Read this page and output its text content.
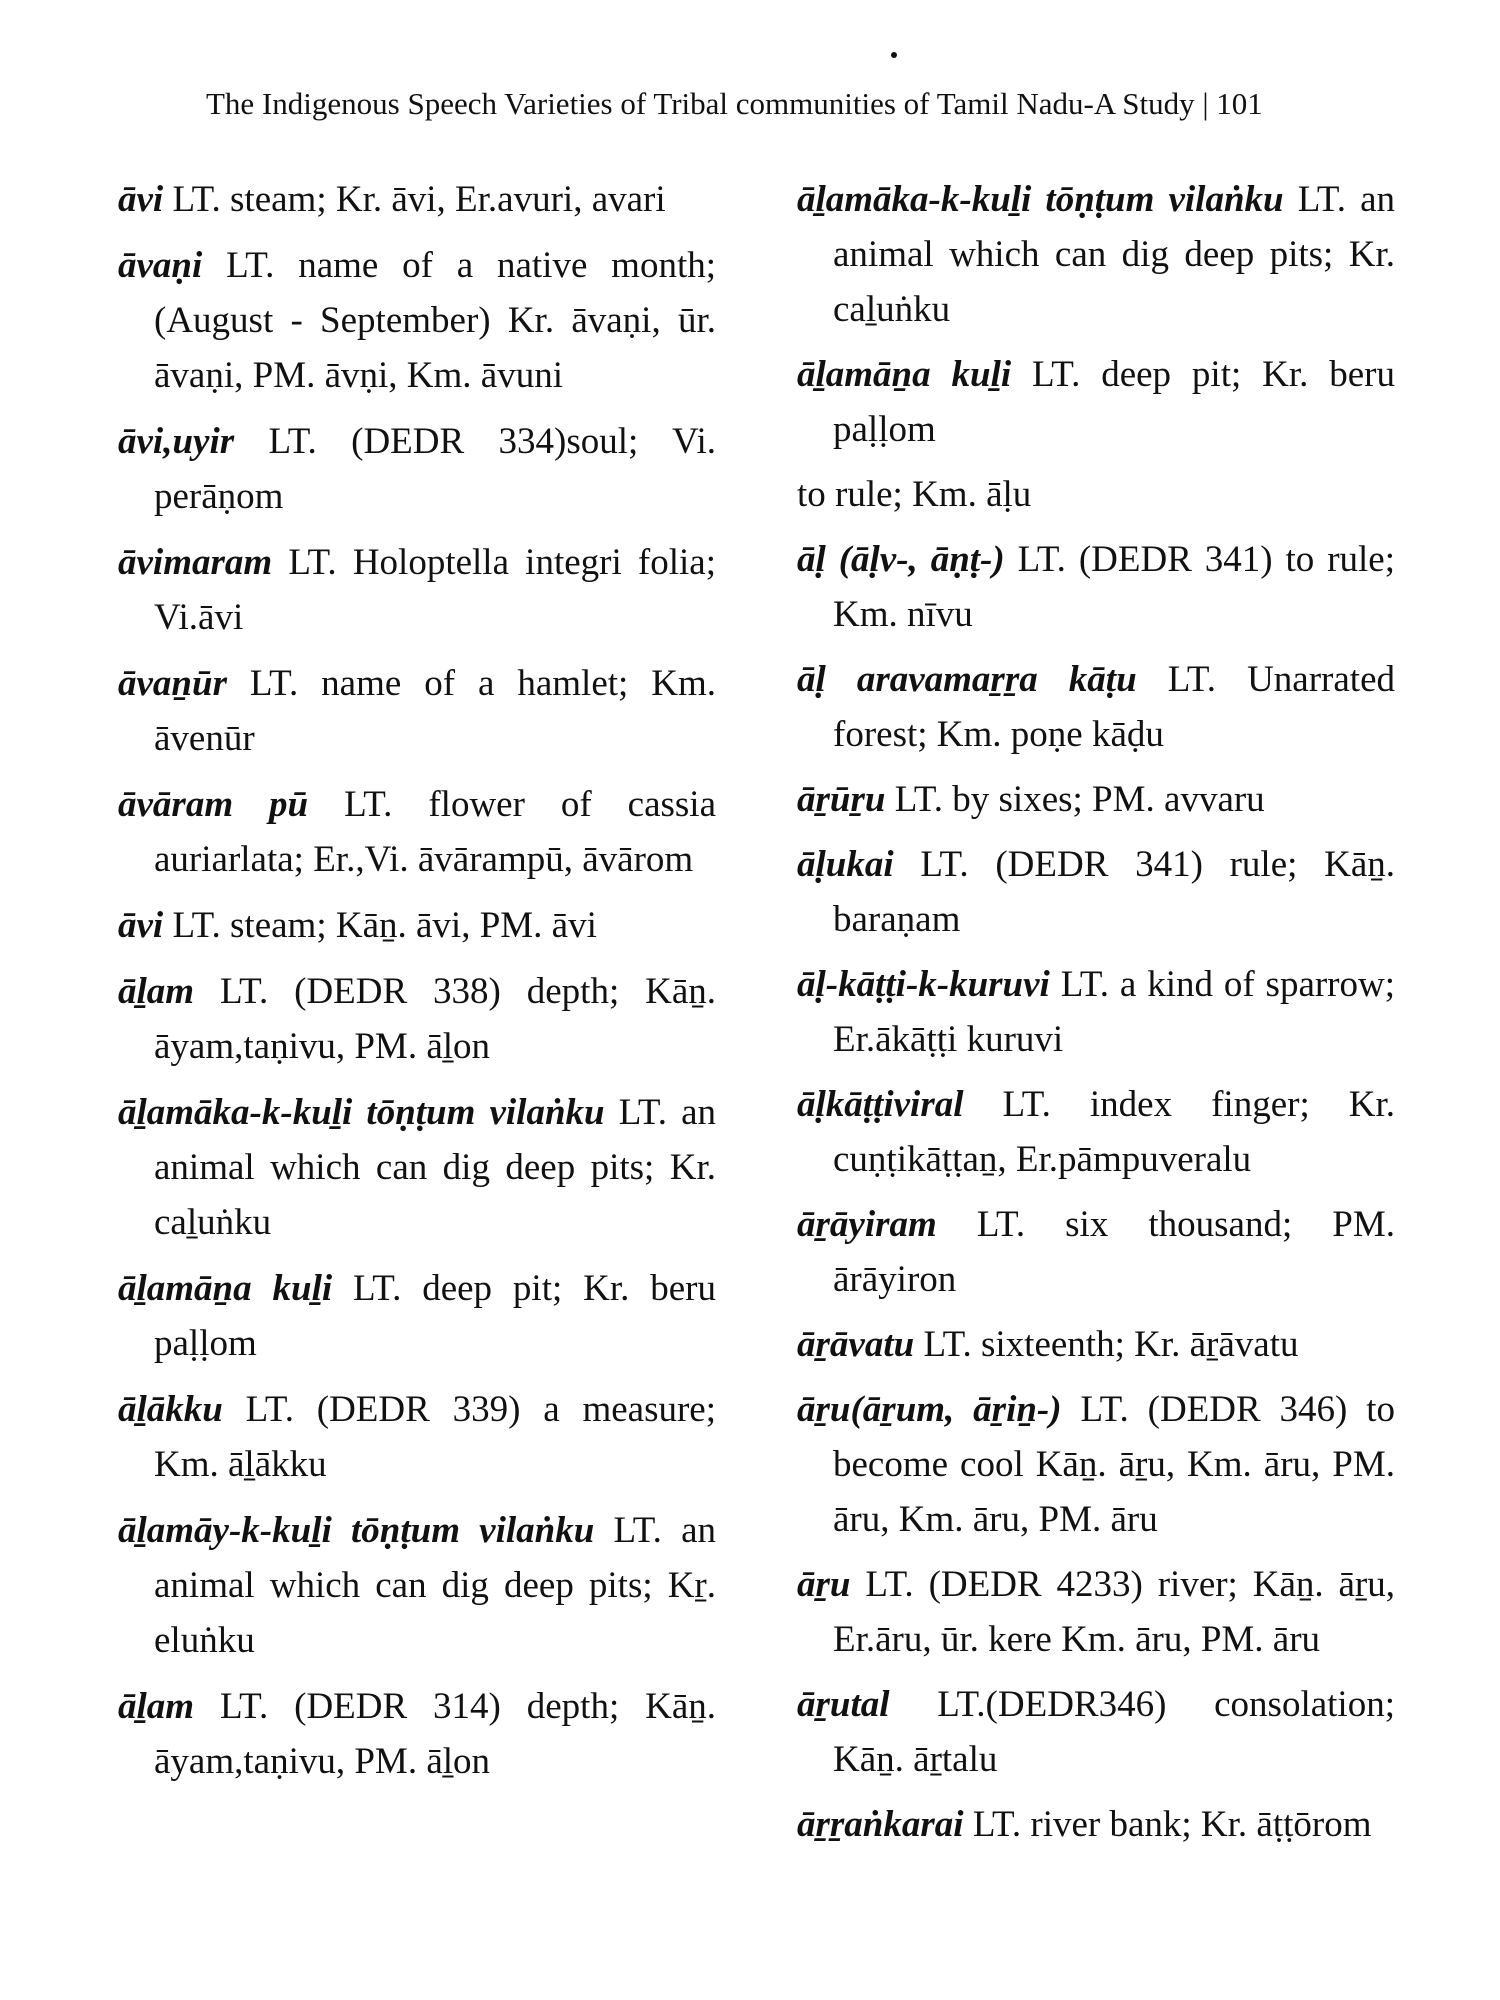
The Indigenous Speech Varieties of Tribal communities of Tamil Nadu-A Study | 101

āvi LT. steam; Kr. āvi, Er.avuri, avari

āvaṇi LT. name of a native month; (August - September) Kr. āvaṇi, ūr. āvaṇi, PM. āvṇi, Km. āvuni

āvi,uyir LT. (DEDR 334)soul; Vi. perāṇom

āvimaram LT. Holoptella integri folia; Vi.āvi

āvaṉūr LT. name of a hamlet; Km. āvenūr

āvāram pū LT. flower of cassia auriarlata; Er.,Vi. āvārampū, āvārom

āvi LT. steam; Kāṉ. āvi, PM. āvi

āḻam LT. (DEDR 338) depth; Kāṉ. āyam,taṇivu, PM. āḻon

āḻamāka-k-kuḻi tōṇṭum vilaṅku LT. an animal which can dig deep pits; Kr. caḻuṅku

āḻamāṉa kuḻi LT. deep pit; Kr. beru paḷḷom

āḻākku LT. (DEDR 339) a measure; Km. āḻākku

āḻamāy-k-kuḻi tōṇṭum vilaṅku LT. an animal which can dig deep pits; Kṟ. eluṅku

āḻam LT. (DEDR 314) depth; Kāṉ. āyam,taṇivu, PM. āḻon

āḻamāka-k-kuḻi tōṇṭum vilaṅku LT. an animal which can dig deep pits; Kr. caḻuṅku

āḻamāṉa kuḻi LT. deep pit; Kr. beru paḷḷom

to rule; Km. āḷu

āḷ (āḷv-, āṇṭ-) LT. (DEDR 341) to rule; Km. nīvu

āḷ aravamaṟṟa kāṭu LT. Unarrated forest; Km. poṇe kāḍu

āṟūṟu LT. by sixes; PM. avvaru

āḷukai LT. (DEDR 341) rule; Kāṉ. baraṇam

āḷ-kāṭṭi-k-kuruvi LT. a kind of sparrow; Er.ākāṭṭi kuruvi

āḷkāṭṭiviral LT. index finger; Kr. cuṇṭikāṭṭaṉ, Er.pāmpuveralu

āṟāyiram LT. six thousand; PM. ārāyiron

āṟāvatu LT. sixteenth; Kr. āṟāvatu

āṟu(āṟum, āṟiṉ-) LT. (DEDR 346) to become cool Kāṉ. āṟu, Km. āru, PM. āru, Km. āru, PM. āru

āṟu LT. (DEDR 4233) river; Kāṉ. āṟu, Er.āru, ūr. kere Km. āru, PM. āru

āṟutal LT.(DEDR346) consolation; Kāṉ. āṟtalu

āṟṟaṅkarai LT. river bank; Kr. āṭṭōrom
